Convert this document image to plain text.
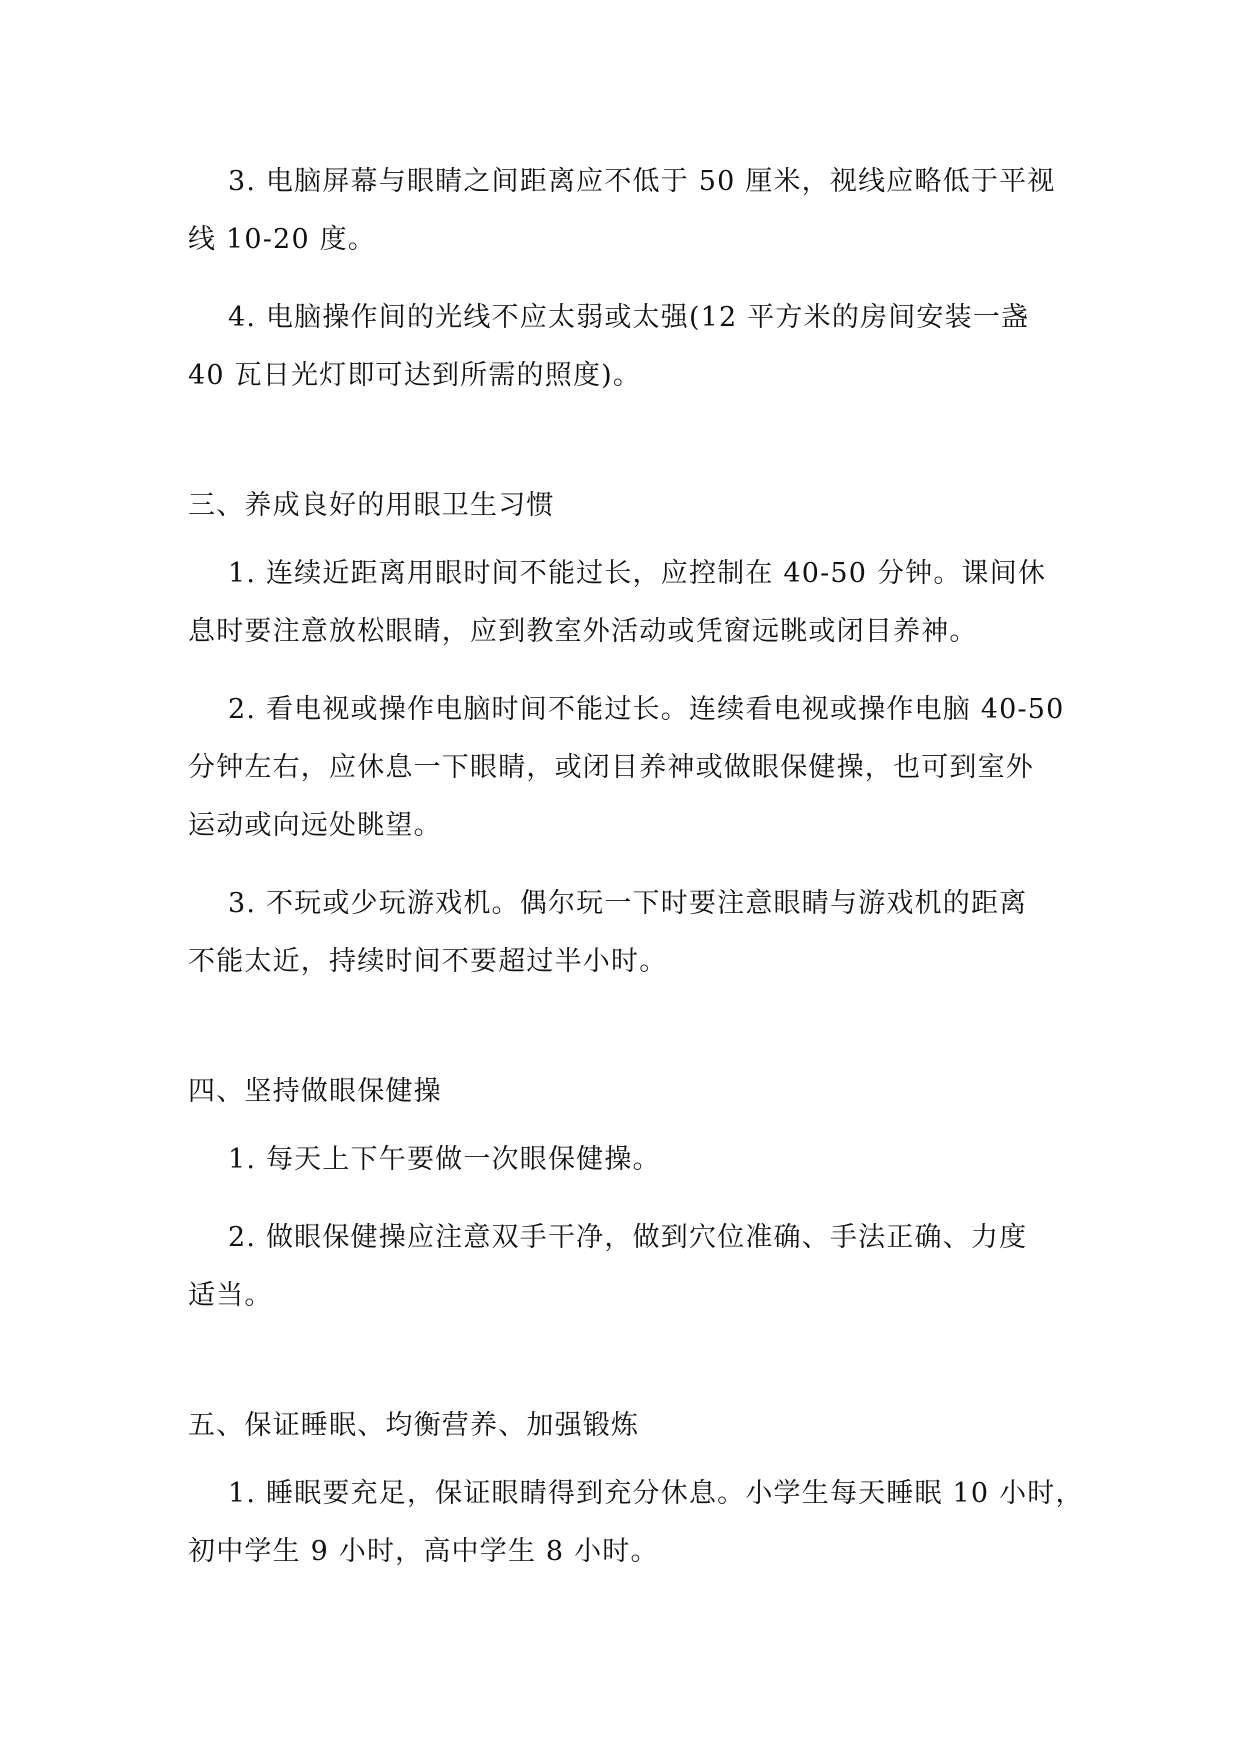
3. 电脑屏幕与眼睛之间距离应不低于 50 厘米，视线应略低于平视
线 10-20 度。
4. 电脑操作间的光线不应太弱或太强(12 平方米的房间安装一盏
40 瓦日光灯即可达到所需的照度)。
三、养成良好的用眼卫生习惯
1. 连续近距离用眼时间不能过长，应控制在 40-50 分钟。课间休
息时要注意放松眼睛，应到教室外活动或凭窗远眺或闭目养神。
2. 看电视或操作电脑时间不能过长。连续看电视或操作电脑 40-50
分钟左右，应休息一下眼睛，或闭目养神或做眼保健操，也可到室外
运动或向远处眺望。
3. 不玩或少玩游戏机。偶尔玩一下时要注意眼睛与游戏机的距离
不能太近，持续时间不要超过半小时。
四、坚持做眼保健操
1. 每天上下午要做一次眼保健操。
2. 做眼保健操应注意双手干净，做到穴位准确、手法正确、力度
适当。
五、保证睡眠、均衡营养、加强锻炼
1. 睡眠要充足，保证眼睛得到充分休息。小学生每天睡眠 10 小时，
初中学生 9 小时，高中学生 8 小时。
